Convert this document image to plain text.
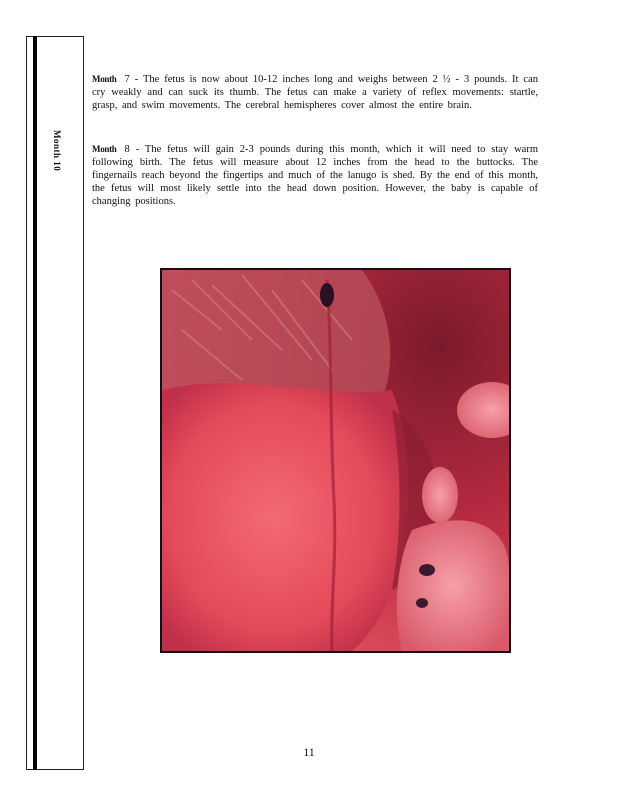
Month 10

Month 7 - The fetus is now about 10-12 inches long and weighs between 2 ½ - 3 pounds. It can cry weakly and can suck its thumb. The fetus can make a variety of reflex movements: startle, grasp, and swim movements. The cerebral hemispheres cover almost the entire brain.

Month 8 - The fetus will gain 2-3 pounds during this month, which it will need to stay warm following birth. The fetus will measure about 12 inches from the head to the buttocks. The fingernails reach beyond the fingertips and much of the lanugo is shed. By the end of this month, the fetus will most likely settle into the head down position. However, the baby is capable of changing positions.

11
